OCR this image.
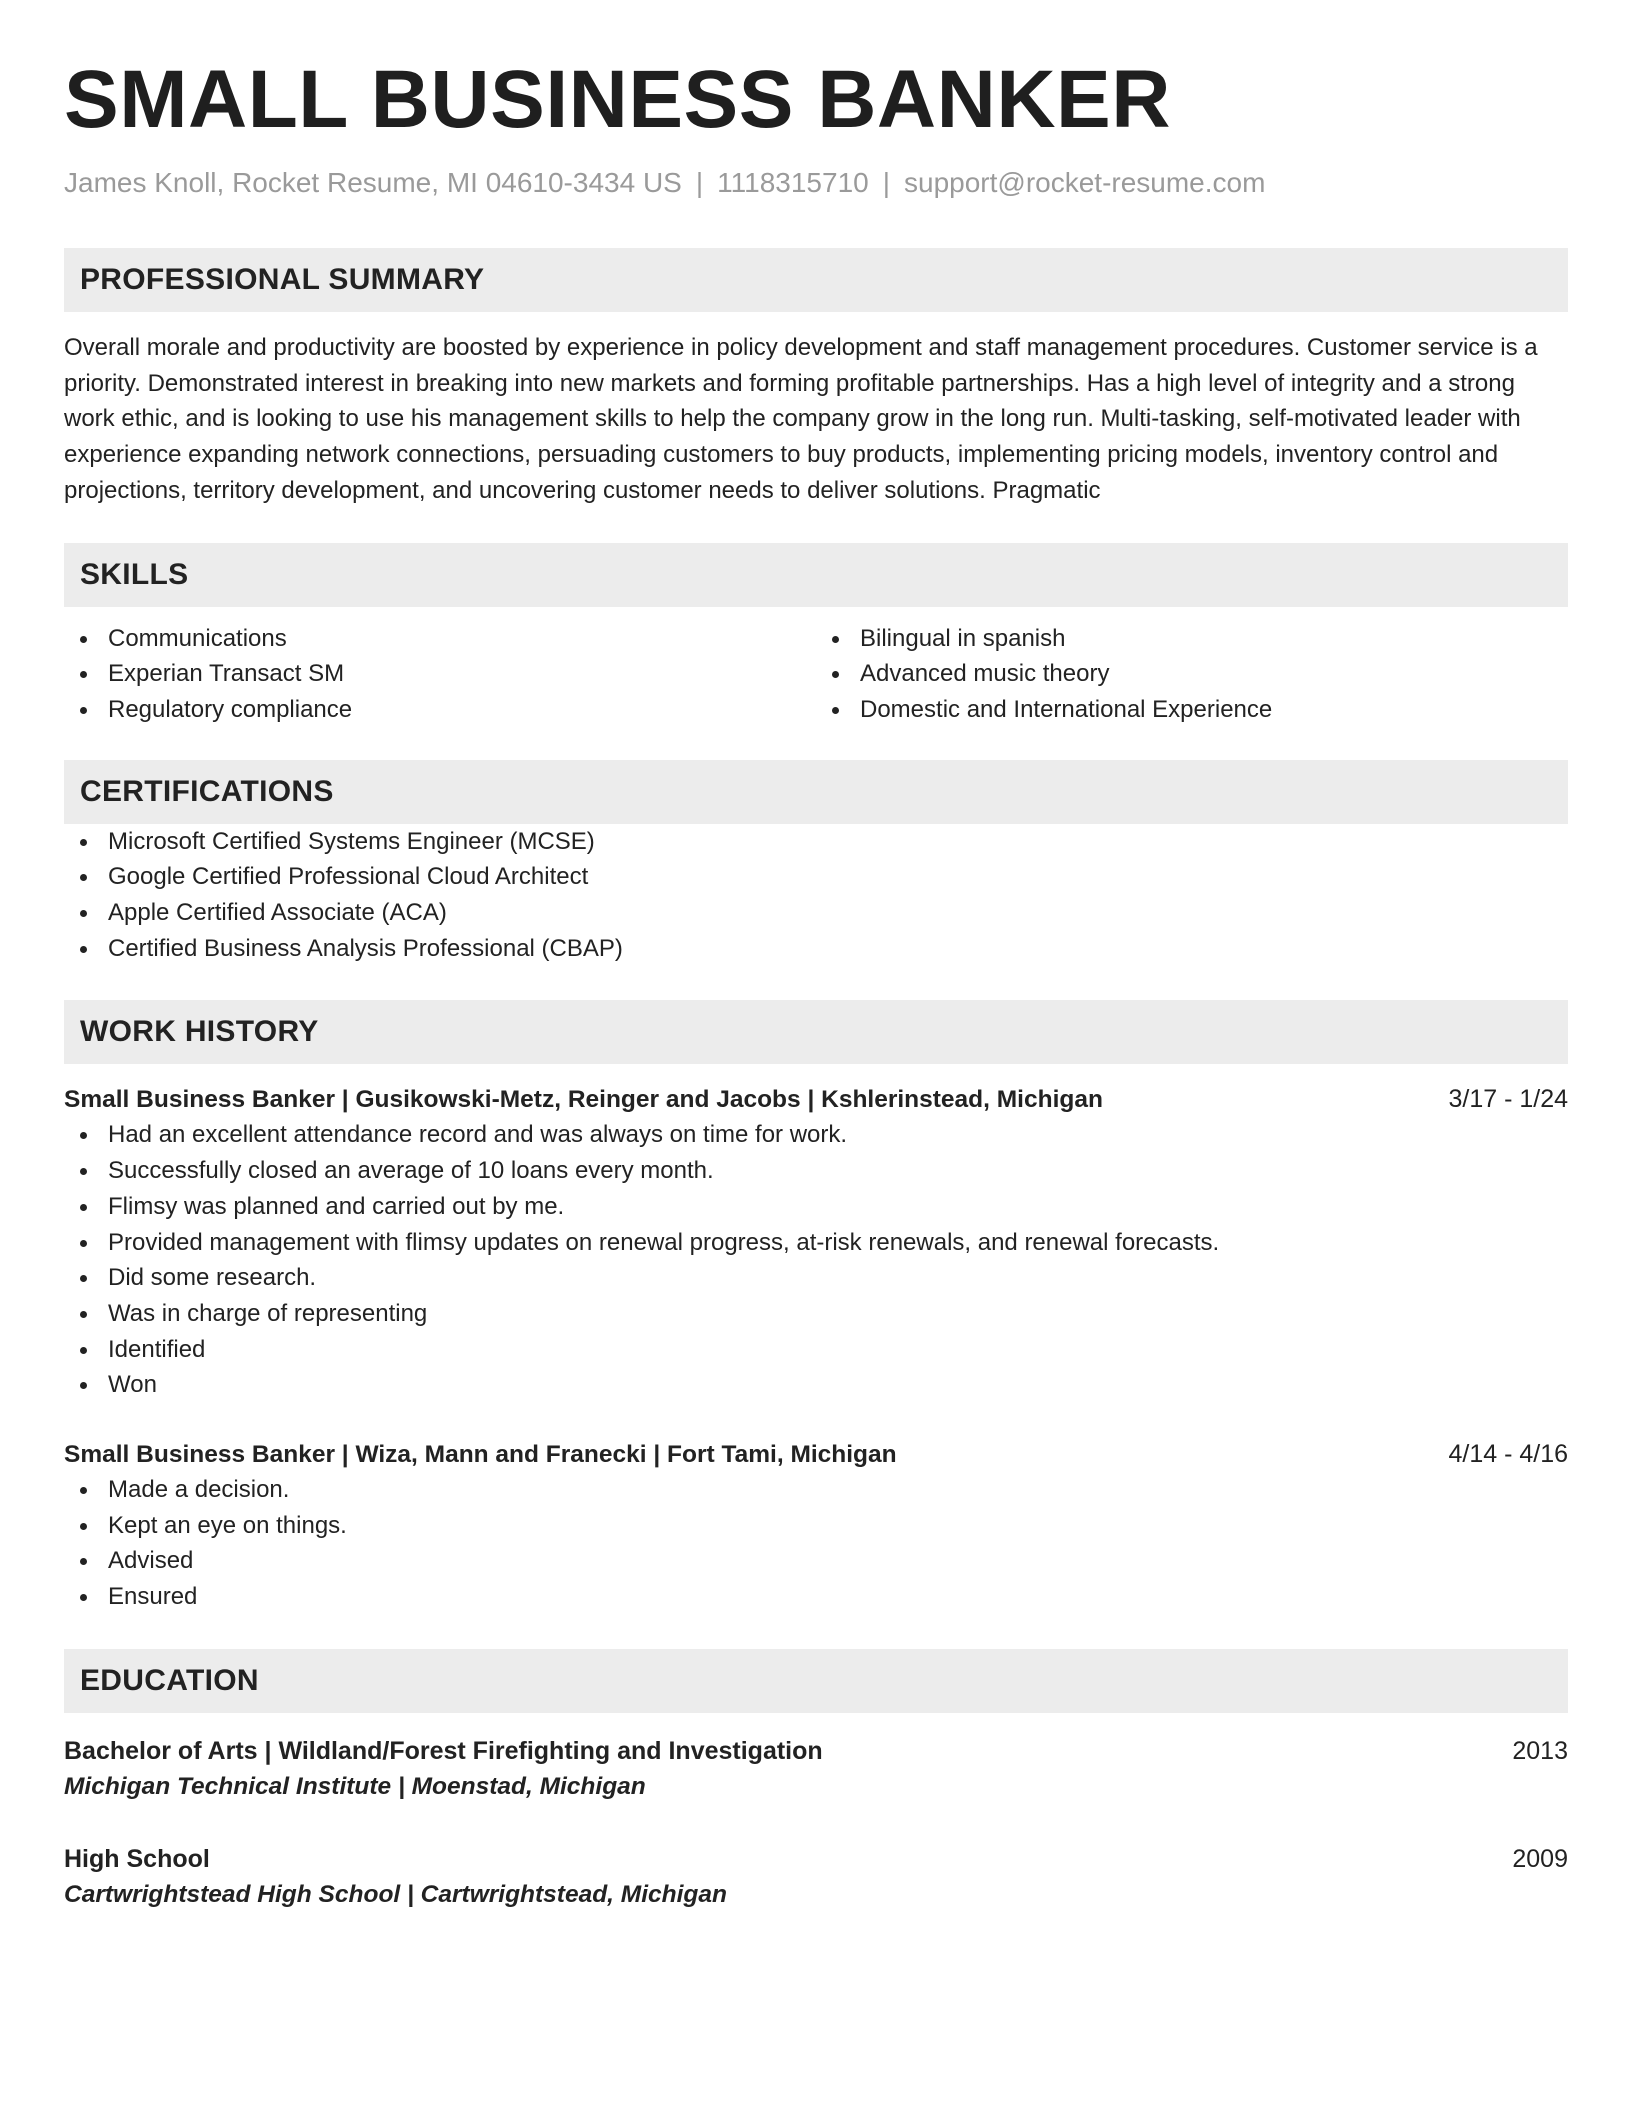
SMALL BUSINESS BANKER
James Knoll, Rocket Resume, MI 04610-3434 US | 1118315710 | support@rocket-resume.com
PROFESSIONAL SUMMARY
Overall morale and productivity are boosted by experience in policy development and staff management procedures. Customer service is a priority. Demonstrated interest in breaking into new markets and forming profitable partnerships. Has a high level of integrity and a strong work ethic, and is looking to use his management skills to help the company grow in the long run. Multi-tasking, self-motivated leader with experience expanding network connections, persuading customers to buy products, implementing pricing models, inventory control and projections, territory development, and uncovering customer needs to deliver solutions. Pragmatic
SKILLS
Communications
Experian Transact SM
Regulatory compliance
Bilingual in spanish
Advanced music theory
Domestic and International Experience
CERTIFICATIONS
Microsoft Certified Systems Engineer (MCSE)
Google Certified Professional Cloud Architect
Apple Certified Associate (ACA)
Certified Business Analysis Professional (CBAP)
WORK HISTORY
Small Business Banker | Gusikowski-Metz, Reinger and Jacobs | Kshlerinstead, Michigan	3/17 - 1/24
Had an excellent attendance record and was always on time for work.
Successfully closed an average of 10 loans every month.
Flimsy was planned and carried out by me.
Provided management with flimsy updates on renewal progress, at-risk renewals, and renewal forecasts.
Did some research.
Was in charge of representing
Identified
Won
Small Business Banker | Wiza, Mann and Franecki | Fort Tami, Michigan	4/14 - 4/16
Made a decision.
Kept an eye on things.
Advised
Ensured
EDUCATION
Bachelor of Arts | Wildland/Forest Firefighting and Investigation	2013
Michigan Technical Institute | Moenstad, Michigan
High School	2009
Cartwrightstead High School | Cartwrightstead, Michigan
